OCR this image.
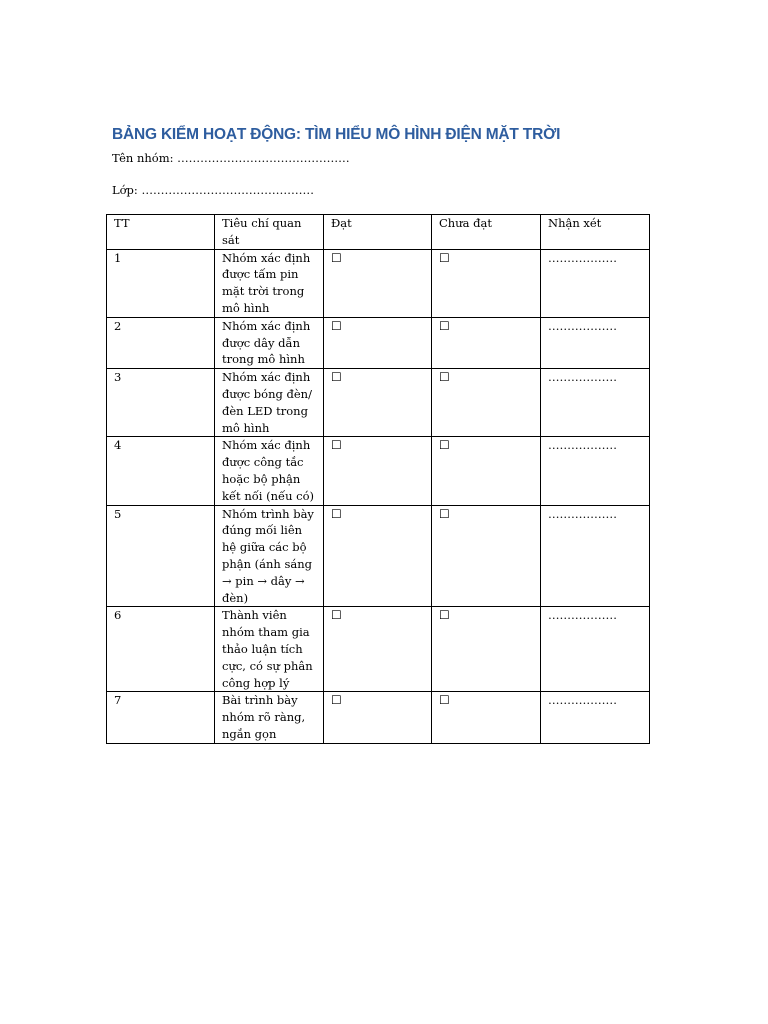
BẢNG KIỂM HOẠT ĐỘNG: TÌM HIỂU MÔ HÌNH ĐIỆN MẶT TRỜI
Tên nhóm: ………………………………………
Lớp: ………………………………………
TT	Tiêu chí quan sát	Đạt	Chưa đạt	Nhận xét
1	Nhóm xác định được tấm pin mặt trời trong mô hình	☐	☐	………………
2	Nhóm xác định được dây dẫn trong mô hình	☐	☐	………………
3	Nhóm xác định được bóng đèn/đèn LED trong mô hình	☐	☐	………………
4	Nhóm xác định được công tắc hoặc bộ phận kết nối (nếu có)	☐	☐	………………
5	Nhóm trình bày đúng mối liên hệ giữa các bộ phận (ánh sáng → pin → dây → đèn)	☐	☐	………………
6	Thành viên nhóm tham gia thảo luận tích cực, có sự phân công hợp lý	☐	☐	………………
7	Bài trình bày nhóm rõ ràng, ngắn gọn	☐	☐	………………
